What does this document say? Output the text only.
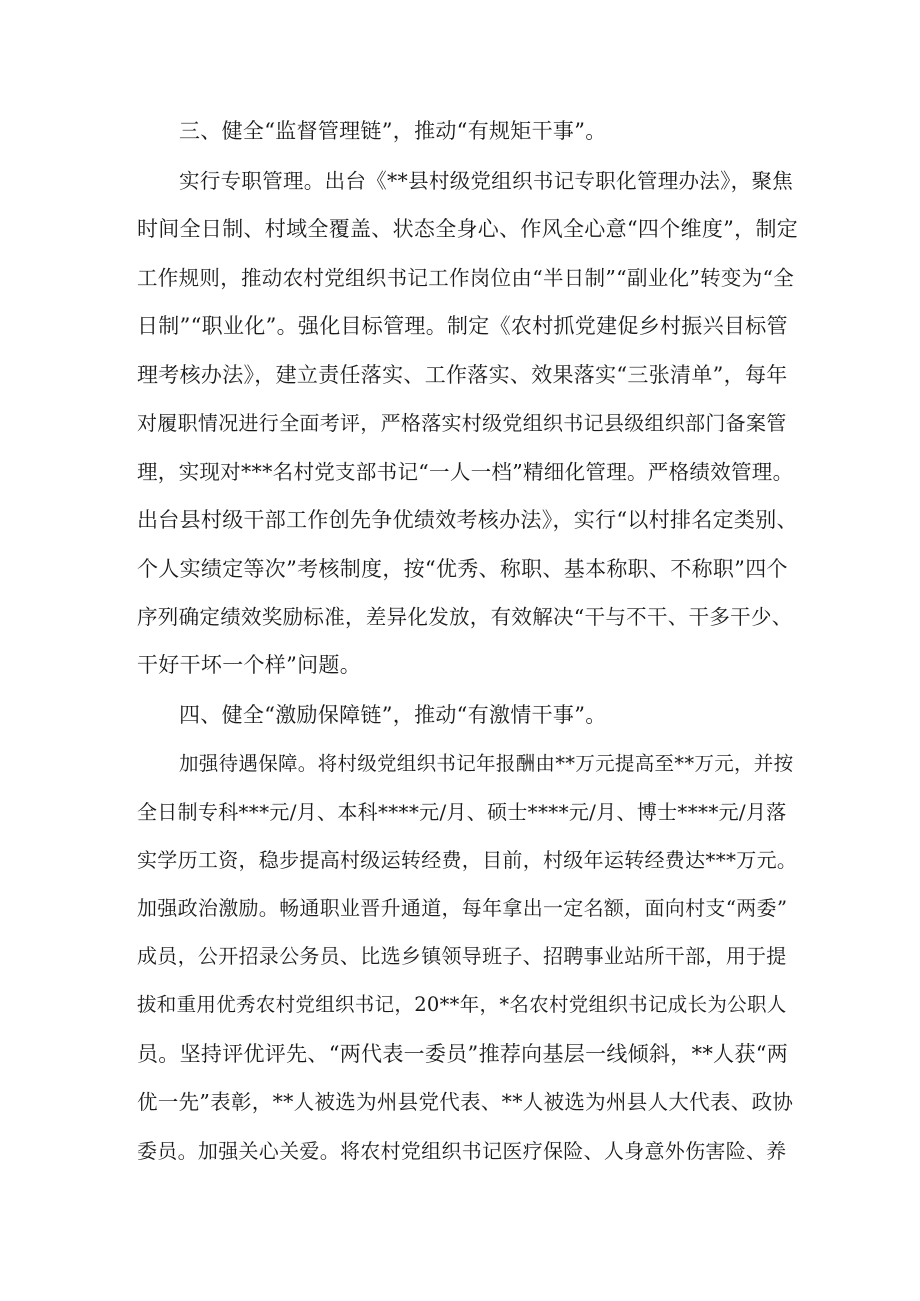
三、健全“监督管理链”，推动“有规矩干事”。
实行专职管理。出台《**县村级党组织书记专职化管理办法》，聚焦
时间全日制、村域全覆盖、状态全身心、作风全心意“四个维度”，制定
工作规则，推动农村党组织书记工作岗位由“半日制”“副业化”转变为“全
日制”“职业化”。强化目标管理。制定《农村抓党建促乡村振兴目标管
理考核办法》，建立责任落实、工作落实、效果落实“三张清单”，每年
对履职情况进行全面考评，严格落实村级党组织书记县级组织部门备案管
理，实现对***名村党支部书记“一人一档”精细化管理。严格绩效管理。
出台县村级干部工作创先争优绩效考核办法》，实行“以村排名定类别、
个人实绩定等次”考核制度，按“优秀、称职、基本称职、不称职”四个
序列确定绩效奖励标准，差异化发放，有效解决“干与不干、干多干少、
干好干坏一个样”问题。
四、健全“激励保障链”，推动“有激情干事”。
加强待遇保障。将村级党组织书记年报酬由**万元提高至**万元，并按
全日制专科***元/月、本科****元/月、硕士****元/月、博士****元/月落
实学历工资，稳步提高村级运转经费，目前，村级年运转经费达***万元。
加强政治激励。畅通职业晋升通道，每年拿出一定名额，面向村支“两委”
成员，公开招录公务员、比选乡镇领导班子、招聘事业站所干部，用于提
拔和重用优秀农村党组织书记，20**年，*名农村党组织书记成长为公职人
员。坚持评优评先、“两代表一委员”推荐向基层一线倾斜，**人获“两
优一先”表彰，**人被选为州县党代表、**人被选为州县人大代表、政协
委员。加强关心关爱。将农村党组织书记医疗保险、人身意外伤害险、养
